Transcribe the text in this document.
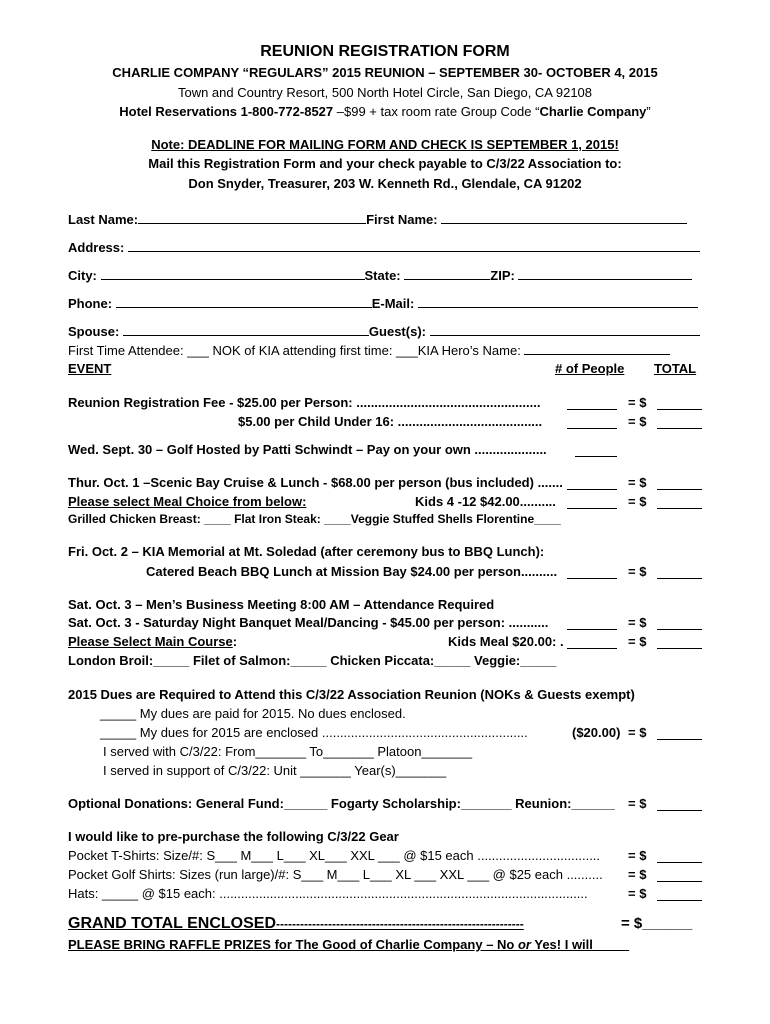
REUNION REGISTRATION FORM
CHARLIE COMPANY “REGULARS” 2015 REUNION – SEPTEMBER 30- OCTOBER 4, 2015
Town and Country Resort, 500 North Hotel Circle, San Diego, CA 92108
Hotel Reservations 1-800-772-8527 –$99 + tax room rate Group Code “Charlie Company”
Note: DEADLINE FOR MAILING FORM AND CHECK IS SEPTEMBER 1, 2015!
Mail this Registration Form and your check payable to C/3/22 Association to:
Don Snyder, Treasurer, 203 W. Kenneth Rd., Glendale, CA 91202
Last Name:	First Name:
Address:
City:	State:	ZIP:
Phone:	E-Mail:
Spouse:	Guest(s):
First Time Attendee: ___ NOK of KIA attending first time: ___KIA Hero’s Name:
EVENT	# of People TOTAL
Reunion Registration Fee - $25.00 per Person: ...................................................	= $
$5.00 per Child Under 16: ........................................	= $
Wed. Sept. 30 – Golf Hosted by Patti Schwindt – Pay on your own ....................
Thur. Oct. 1 –Scenic Bay Cruise & Lunch - $68.00 per person (bus included) .......	= $
Please select Meal Choice from below:	Kids 4 -12 $42.00..........	= $
Grilled Chicken Breast: ____ Flat Iron Steak: ____Veggie Stuffed Shells Florentine____
Fri. Oct. 2 – KIA Memorial at Mt. Soledad (after ceremony bus to BBQ Lunch):
Catered Beach BBQ Lunch at Mission Bay $24.00 per person..........	= $
Sat. Oct. 3 – Men’s Business Meeting 8:00 AM – Attendance Required
Sat. Oct. 3 - Saturday Night Banquet Meal/Dancing - $45.00 per person: ...........	= $
Please Select Main Course:	Kids Meal $20.00: .	= $
London Broil:_____ Filet of Salmon:_____ Chicken Piccata:_____ Veggie:_____
2015 Dues are Required to Attend this C/3/22 Association Reunion (NOKs & Guests exempt)
_____ My dues are paid for 2015. No dues enclosed.
_____ My dues for 2015 are enclosed .........................................................	($20.00) = $
I served with C/3/22: From_______ To_______ Platoon_______
I served in support of C/3/22: Unit _______ Year(s)_______
Optional Donations: General Fund:______ Fogarty Scholarship:_______ Reunion:______ = $
I would like to pre-purchase the following C/3/22 Gear
Pocket T-Shirts: Size/#: S___ M___ L___ XL___ XXL ___ @ $15 each .................................. = $
Pocket Golf Shirts: Sizes (run large)/#: S___ M___ L___ XL ___ XXL ___ @ $25 each .......... = $
Hats: _____ @ $15 each: ......................................................................................................	= $
GRAND TOTAL ENCLOSED--------------------------------------------------------------	= $______
PLEASE BRING RAFFLE PRIZES for The Good of Charlie Company – No or Yes! I will_____
